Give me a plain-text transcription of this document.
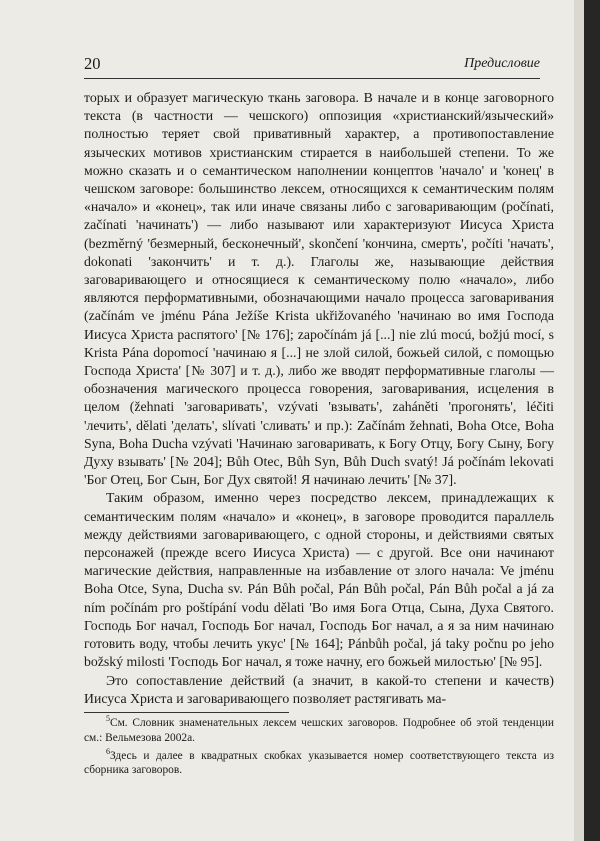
20	Предисловие

торых и образует магическую ткань заговора. В начале и в конце заговорного текста (в частности — чешского) оппозиция «христианский/языческий» полностью теряет свой привативный характер, а противопоставление языческих мотивов христианским стирается в наибольшей степени. То же можно сказать и о семантическом наполнении концептов 'начало' и 'конец' в чешском заговоре: большинство лексем, относящихся к семантическим полям «начало» и «конец», так или иначе связаны либо с заговаривающим (počínati, začínati 'начинать') — либо называют или характеризуют Иисуса Христа (bezměrný 'безмерный, бесконечный', skončení 'кончина, смерть', počíti 'начать', dokonati 'закончить' и т. д.). Глаголы же, называющие действия заговаривающего и относящиеся к семантическому полю «начало», либо являются перформативными, обозначающими начало процесса заговаривания (začínám ve jménu Pána Ježíše Krista ukřižovaného 'начинаю во имя Господа Иисуса Христа распятого' [№ 176]; započínám já [...] nie zlú mocú, božjú mocí, s Krista Pána dopomocí 'начинаю я [...] не злой силой, божьей силой, с помощью Господа Христа' [№ 307] и т. д.), либо же вводят перформативные глаголы — обозначения магического процесса говорения, заговаривания, исцеления в целом (žehnati 'заговаривать', vzývati 'взывать', zaháněti 'прогонять', léčiti 'лечить', dělati 'делать', slívati 'сливать' и пр.): Začínám žehnati, Boha Otce, Boha Syna, Boha Ducha vzývati 'Начинаю заговаривать, к Богу Отцу, Богу Сыну, Богу Духу взывать' [№ 204]; Bůh Otec, Bůh Syn, Bůh Duch svatý! Já počínám lekovati 'Бог Отец, Бог Сын, Бог Дух святой! Я начинаю лечить' [№ 37].

Таким образом, именно через посредство лексем, принадлежащих к семантическим полям «начало» и «конец», в заговоре проводится параллель между действиями заговаривающего, с одной стороны, и действиями святых персонажей (прежде всего Иисуса Христа) — с другой. Все они начинают магические действия, направленные на избавление от злого начала: Ve jménu Boha Otce, Syna, Ducha sv. Pán Bůh počal, Pán Bůh počal, Pán Bůh počal a já za ním počínám pro poštípání vodu dělati 'Во имя Бога Отца, Сына, Духа Святого. Господь Бог начал, Господь Бог начал, Господь Бог начал, а я за ним начинаю готовить воду, чтобы лечить укус' [№ 164]; Pánbůh počal, já taky počnu po jeho božský milosti 'Господь Бог начал, я тоже начну, его божьей милостью' [№ 95].

Это сопоставление действий (а значит, в какой-то степени и качеств) Иисуса Христа и заговаривающего позволяет растягивать ма-

$^5$См. Словник знаменательных лексем чешских заговоров. Подробнее об этой тенденции см.: Вельмезова 2002а.

$^6$Здесь и далее в квадратных скобках указывается номер соответствующего текста из сборника заговоров.
